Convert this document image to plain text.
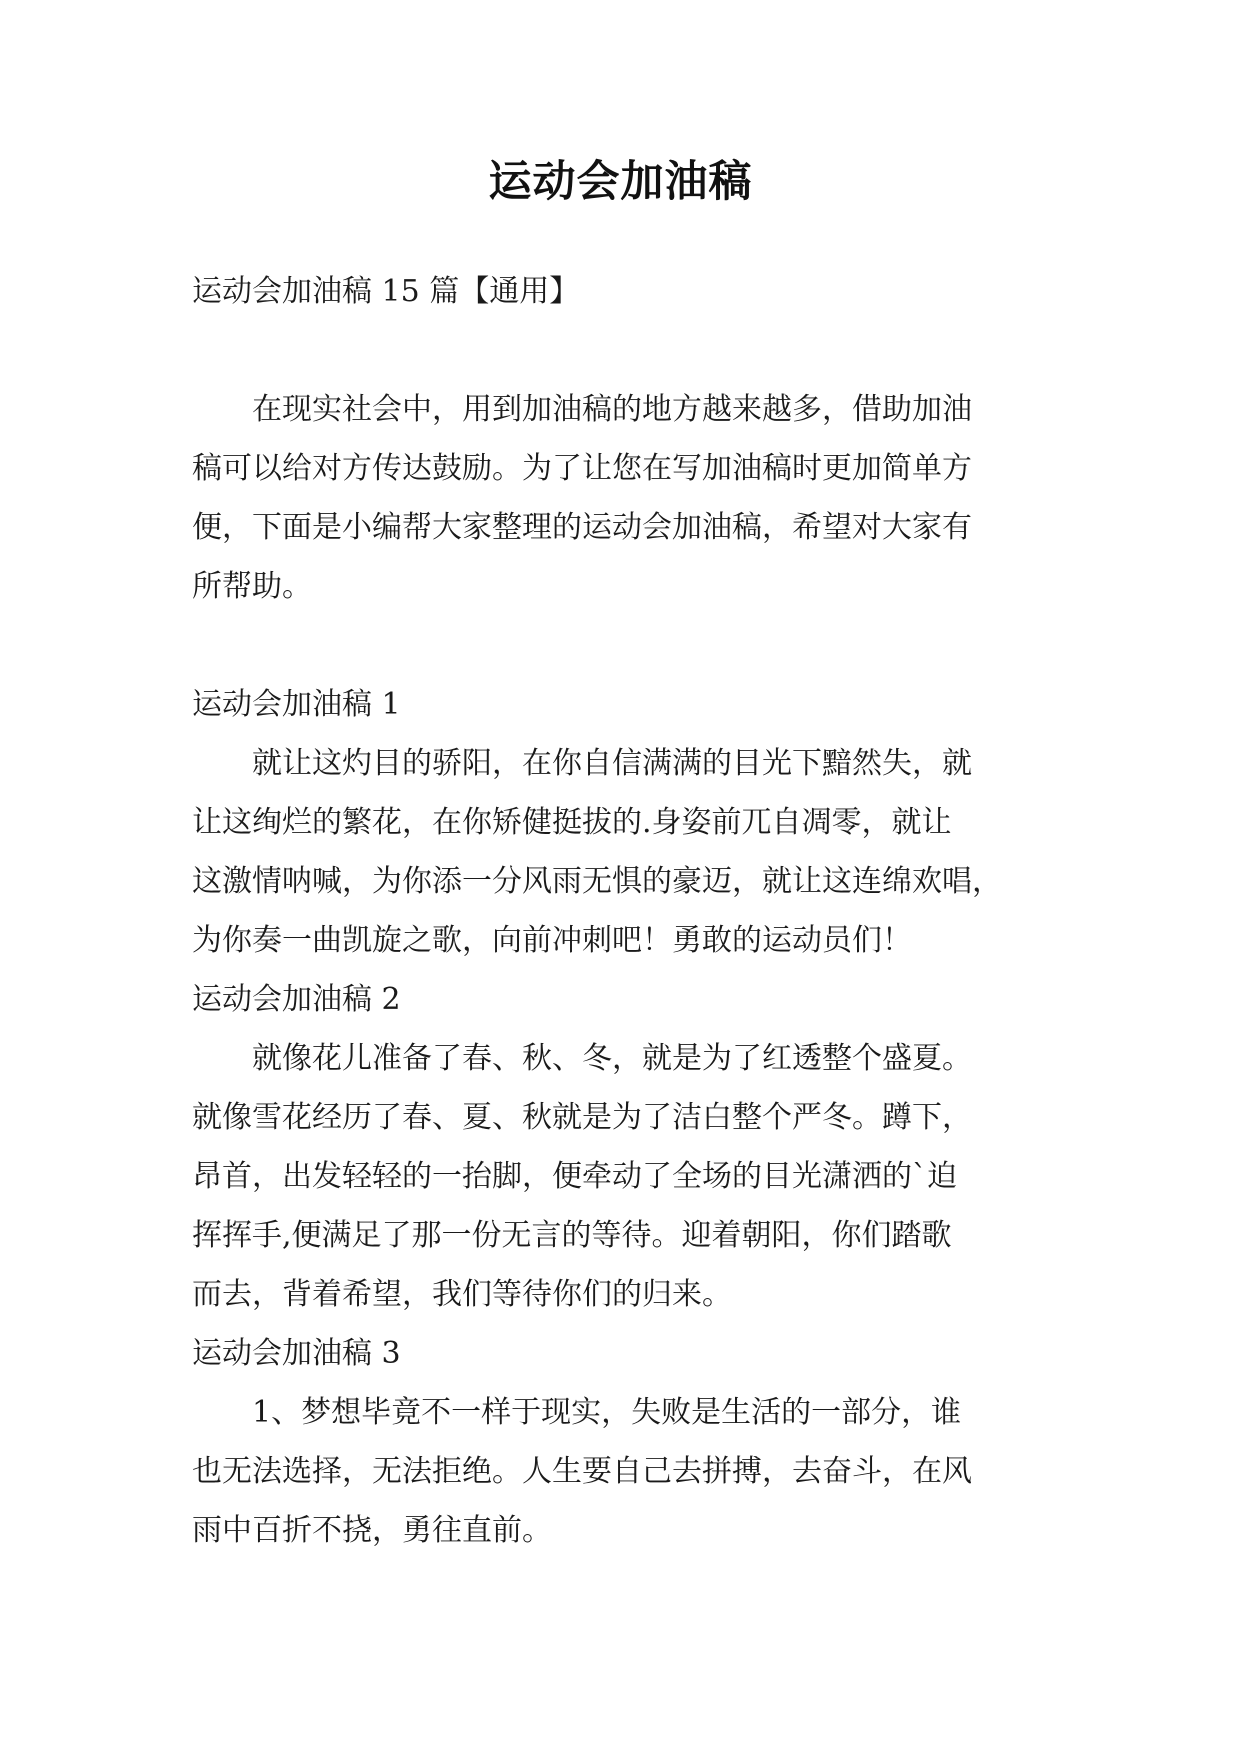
运动会加油稿
运动会加油稿 15 篇【通用】
　　在现实社会中，用到加油稿的地方越来越多，借助加油
稿可以给对方传达鼓励。为了让您在写加油稿时更加简单方
便，下面是小编帮大家整理的运动会加油稿，希望对大家有
所帮助。
运动会加油稿 1
　　就让这灼目的骄阳，在你自信满满的目光下黯然失，就
让这绚烂的繁花，在你矫健挺拔的.身姿前兀自凋零，就让
这激情呐喊，为你添一分风雨无惧的豪迈，就让这连绵欢唱，
为你奏一曲凯旋之歌，向前冲刺吧！勇敢的运动员们！
运动会加油稿 2
　　就像花儿准备了春、秋、冬，就是为了红透整个盛夏。
就像雪花经历了春、夏、秋就是为了洁白整个严冬。蹲下，
昂首，出发轻轻的一抬脚，便牵动了全场的目光潇洒的`迫
挥挥手,便满足了那一份无言的等待。迎着朝阳，你们踏歌
而去，背着希望，我们等待你们的归来。
运动会加油稿 3
　　1、梦想毕竟不一样于现实，失败是生活的一部分，谁
也无法选择，无法拒绝。人生要自己去拼搏，去奋斗，在风
雨中百折不挠，勇往直前。
